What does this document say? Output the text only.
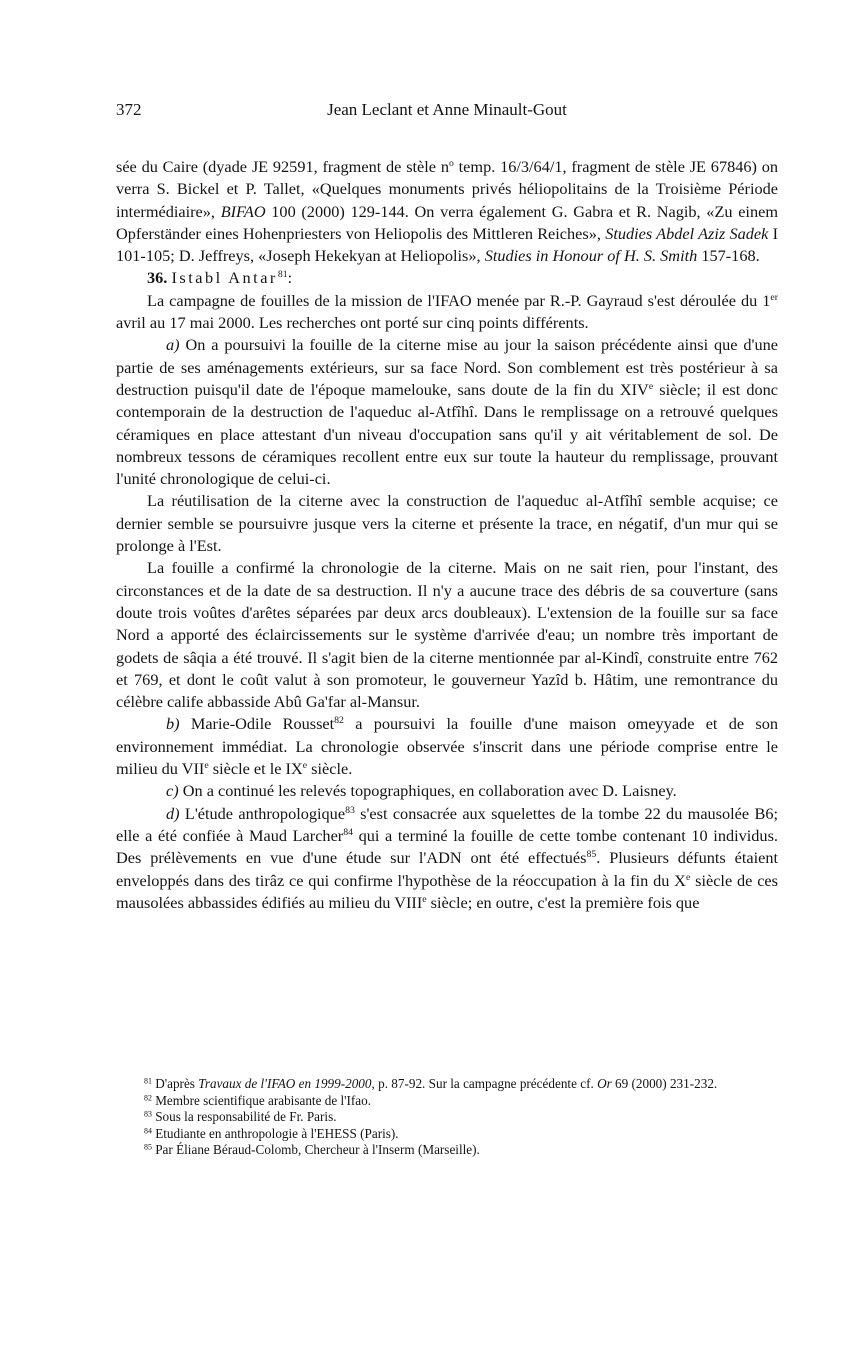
372	Jean Leclant et Anne Minault-Gout

sée du Caire (dyade JE 92591, fragment de stèle $n^o$ temp. 16/3/64/1, fragment de stèle JE 67846) on verra S. Bickel et P. Tallet, «Quelques monuments privés héliopolitains de la Troisième Période intermédiaire», BIFAO 100 (2000) 129-144. On verra également G. Gabra et R. Nagib, «Zu einem Opferständer eines Hohenpriesters von Heliopolis des Mittleren Reiches», Studies Abdel Aziz Sadek I 101-105; D. Jeffreys, «Joseph Hekekyan at Heliopolis», Studies in Honour of H. S. Smith 157-168.

36. Istabl Antar$^{81}$:

La campagne de fouilles de la mission de l'IFAO menée par R.-P. Gayraud s'est déroulée du 1er avril au 17 mai 2000. Les recherches ont porté sur cinq points différents.

a) On a poursuivi la fouille de la citerne mise au jour la saison précédente ainsi que d'une partie de ses aménagements extérieurs, sur sa face Nord. Son comblement est très postérieur à sa destruction puisqu'il date de l'époque mamelouke, sans doute de la fin du XIVe siècle; il est donc contemporain de la destruction de l'aqueduc al-Atfîhî. Dans le remplissage on a retrouvé quelques céramiques en place attestant d'un niveau d'occupation sans qu'il y ait véritablement de sol. De nombreux tessons de céramiques recollent entre eux sur toute la hauteur du remplissage, prouvant l'unité chronologique de celui-ci.

La réutilisation de la citerne avec la construction de l'aqueduc al-Atfîhî semble acquise; ce dernier semble se poursuivre jusque vers la citerne et présente la trace, en négatif, d'un mur qui se prolonge à l'Est.

La fouille a confirmé la chronologie de la citerne. Mais on ne sait rien, pour l'instant, des circonstances et de la date de sa destruction. Il n'y a aucune trace des débris de sa couverture (sans doute trois voûtes d'arêtes séparées par deux arcs doubleaux). L'extension de la fouille sur sa face Nord a apporté des éclaircissements sur le système d'arrivée d'eau; un nombre très important de godets de sâqia a été trouvé. Il s'agit bien de la citerne mentionnée par al-Kindî, construite entre 762 et 769, et dont le coût valut à son promoteur, le gouverneur Yazîd b. Hâtim, une remontrance du célèbre calife abbasside Abû Ga'far al-Mansur.

b) Marie-Odile Rousset$^{82}$ a poursuivi la fouille d'une maison omeyyade et de son environnement immédiat. La chronologie observée s'inscrit dans une période comprise entre le milieu du VIIe siècle et le IXe siècle.

c) On a continué les relevés topographiques, en collaboration avec D. Laisney.

d) L'étude anthropologique$^{83}$ s'est consacrée aux squelettes de la tombe 22 du mausolée B6; elle a été confiée à Maud Larcher$^{84}$ qui a terminé la fouille de cette tombe contenant 10 individus. Des prélèvements en vue d'une étude sur l'ADN ont été effectués$^{85}$. Plusieurs défunts étaient enveloppés dans des tirâz ce qui confirme l'hypothèse de la réoccupation à la fin du Xe siècle de ces mausolées abbassides édifiés au milieu du VIIIe siècle; en outre, c'est la première fois que

$^{81}$ D'après Travaux de l'IFAO en 1999-2000, p. 87-92. Sur la campagne précédente cf. Or 69 (2000) 231-232.

$^{82}$ Membre scientifique arabisante de l'Ifao.

$^{83}$ Sous la responsabilité de Fr. Paris.

$^{84}$ Etudiante en anthropologie à l'EHESS (Paris).

$^{85}$ Par Éliane Béraud-Colomb, Chercheur à l'Inserm (Marseille).
